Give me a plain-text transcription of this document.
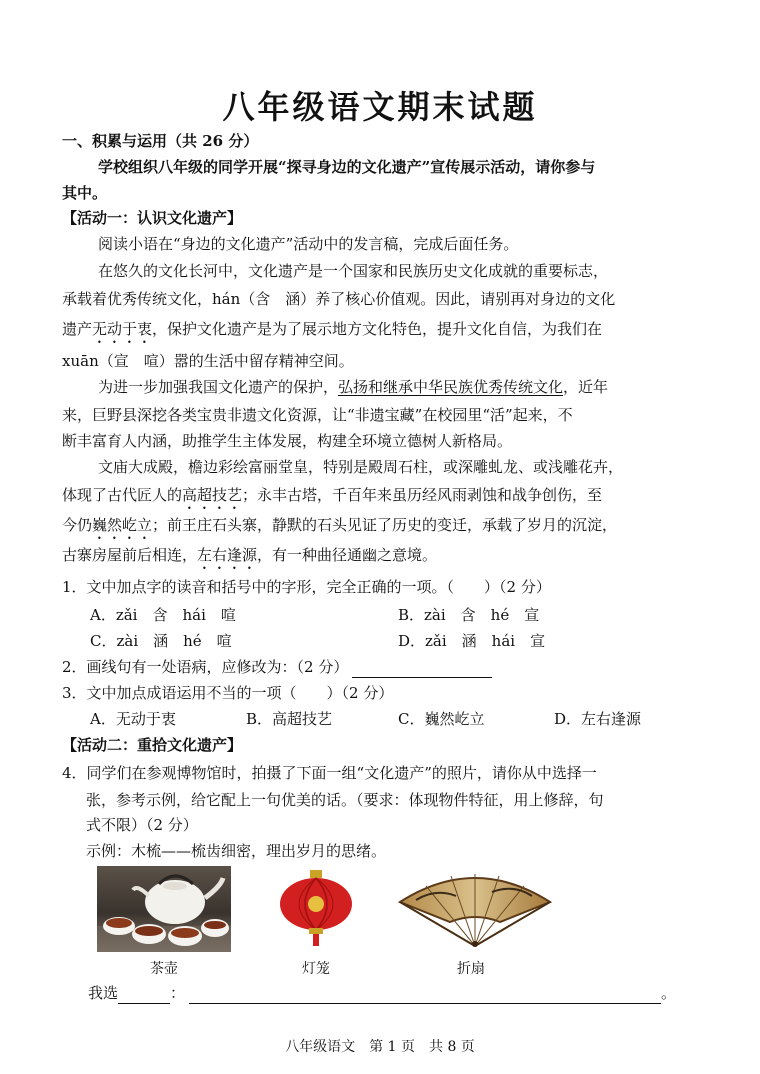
八年级语文期末试题
一、积累与运用（共 26 分）
学校组织八年级的同学开展“探寻身边的文化遗产”宣传展示活动，请你参与
其中。
【活动一：认识文化遗产】
阅读小语在“身边的文化遗产”活动中的发言稿，完成后面任务。
在悠久的文化长河中，文化遗产是一个国家和民族历史文化成就的重要标志，
承载着优秀传统文化，hán（含　涵）养了核心价值观。因此，请别再对身边的文化
遗产无动于衷，保护文化遗产是为了展示地方文化特色，提升文化自信，为我们在
xuān（宣　喧）嚣的生活中留存精神空间。
为进一步加强我国文化遗产的保护，弘扬和继承中华民族优秀传统文化，近年
来，巨野县深挖各类宝贵非遗文化资源，让“非遗宝藏”在校园里“活”起来，不
断丰富育人内涵，助推学生主体发展，构建全环境立德树人新格局。
文庙大成殿，檐边彩绘富丽堂皇，特别是殿周石柱，或深雕虬龙、或浅雕花卉，
体现了古代匠人的高超技艺；永丰古塔，千百年来虽历经风雨剥蚀和战争创伤，至
今仍巍然屹立；前王庄石头寨，静默的石头见证了历史的变迁，承载了岁月的沉淀，
古寨房屋前后相连，左右逢源，有一种曲径通幽之意境。
1．文中加点字的读音和括号中的字形，完全正确的一项。（　　）（2 分）
A．zǎi　含　hái　喧	B．zài　含　hé　宣
C．zài　涵　hé　喧	D．zǎi　涵　hái　宣
2．画线句有一处语病，应修改为：（2 分）
3．文中加点成语运用不当的一项（　　）（2 分）
A．无动于衷	B．高超技艺	C．巍然屹立	D．左右逢源
【活动二：重拾文化遗产】
4．同学们在参观博物馆时，拍摄了下面一组“文化遗产”的照片，请你从中选择一
张，参考示例，给它配上一句优美的话。（要求：体现物件特征，用上修辞，句
式不限）（2 分）
示例：木梳——梳齿细密，理出岁月的思绪。
茶壶	灯笼	折扇
我选	：	。
八年级语文　第 1 页　共 8 页
